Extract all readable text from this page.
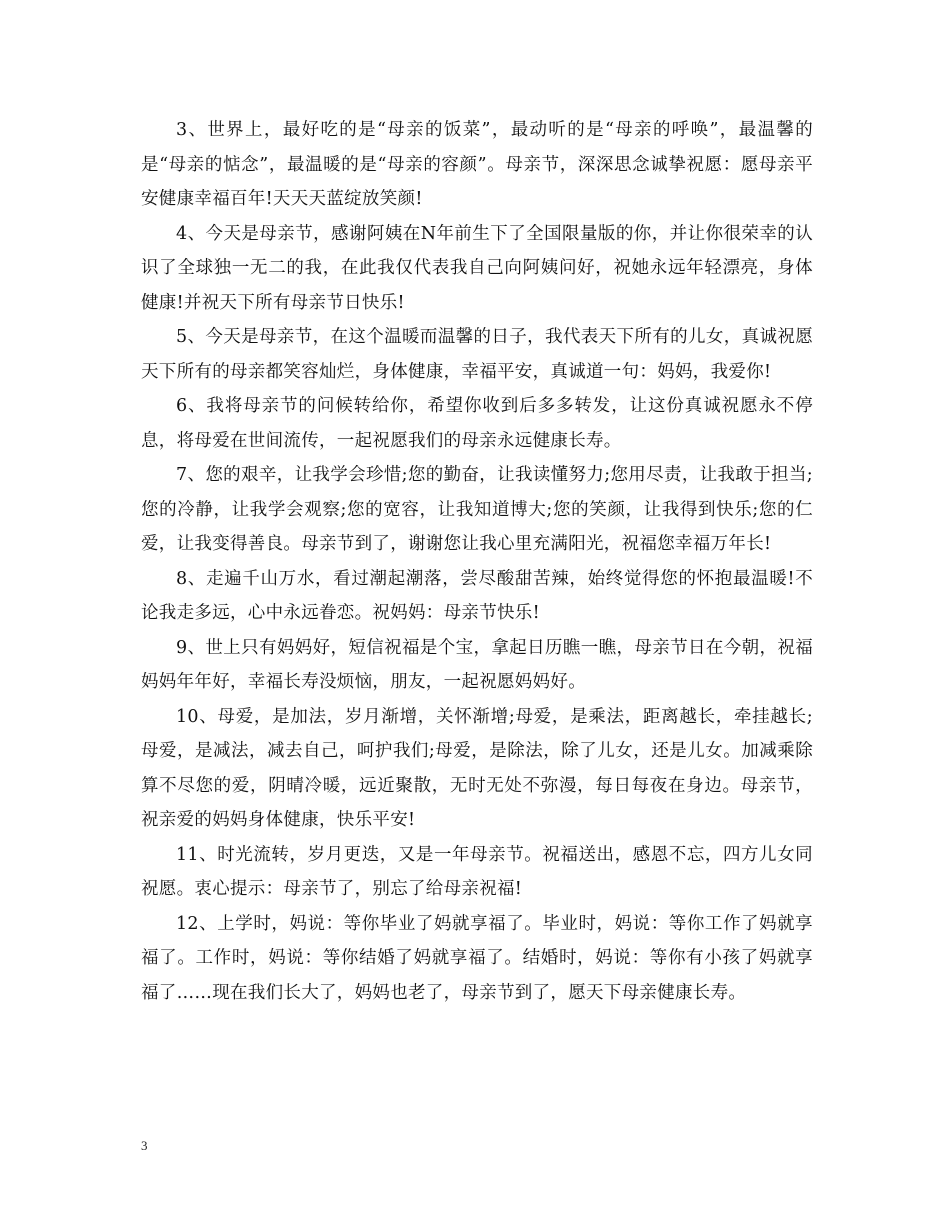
3、世界上，最好吃的是“母亲的饭菜”，最动听的是“母亲的呼唤”，最温馨的是“母亲的惦念”，最温暖的是“母亲的容颜”。母亲节，深深思念诚挚祝愿：愿母亲平安健康幸福百年!天天天蓝绽放笑颜!

4、今天是母亲节，感谢阿姨在N年前生下了全国限量版的你，并让你很荣幸的认识了全球独一无二的我，在此我仅代表我自己向阿姨问好，祝她永远年轻漂亮，身体健康!并祝天下所有母亲节日快乐!

5、今天是母亲节，在这个温暖而温馨的日子，我代表天下所有的儿女，真诚祝愿天下所有的母亲都笑容灿烂，身体健康，幸福平安，真诚道一句：妈妈，我爱你!

6、我将母亲节的问候转给你，希望你收到后多多转发，让这份真诚祝愿永不停息，将母爱在世间流传，一起祝愿我们的母亲永远健康长寿。

7、您的艰辛，让我学会珍惜;您的勤奋，让我读懂努力;您用尽责，让我敢于担当;您的冷静，让我学会观察;您的宽容，让我知道博大;您的笑颜，让我得到快乐;您的仁爱，让我变得善良。母亲节到了，谢谢您让我心里充满阳光，祝福您幸福万年长!

8、走遍千山万水，看过潮起潮落，尝尽酸甜苦辣，始终觉得您的怀抱最温暖!不论我走多远，心中永远眷恋。祝妈妈：母亲节快乐!

9、世上只有妈妈好，短信祝福是个宝，拿起日历瞧一瞧，母亲节日在今朝，祝福妈妈年年好，幸福长寿没烦恼，朋友，一起祝愿妈妈好。

10、母爱，是加法，岁月渐增，关怀渐增;母爱，是乘法，距离越长，牵挂越长;母爱，是减法，减去自己，呵护我们;母爱，是除法，除了儿女，还是儿女。加减乘除算不尽您的爱，阴晴冷暖，远近聚散，无时无处不弥漫，每日每夜在身边。母亲节，祝亲爱的妈妈身体健康，快乐平安!

11、时光流转，岁月更迭，又是一年母亲节。祝福送出，感恩不忘，四方儿女同祝愿。衷心提示：母亲节了，别忘了给母亲祝福!

12、上学时，妈说：等你毕业了妈就享福了。毕业时，妈说：等你工作了妈就享福了。工作时，妈说：等你结婚了妈就享福了。结婚时，妈说：等你有小孩了妈就享福了……现在我们长大了，妈妈也老了，母亲节到了，愿天下母亲健康长寿。

3
